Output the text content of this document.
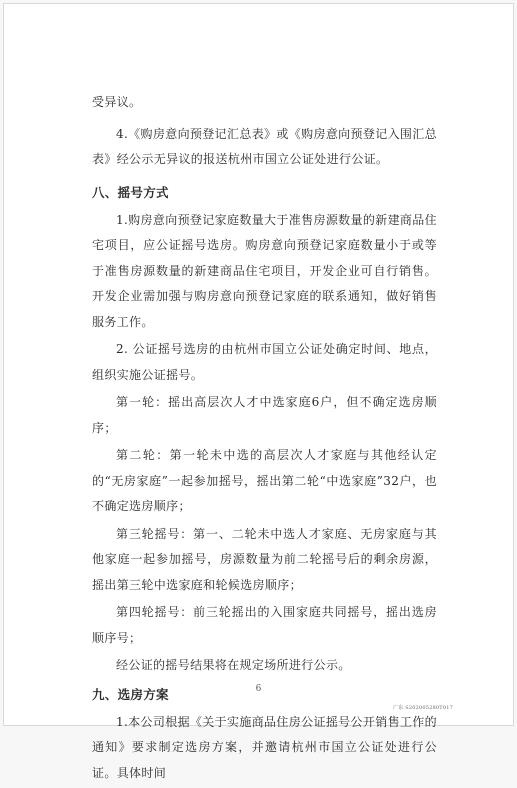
受异议。

4.《购房意向预登记汇总表》或《购房意向预登记入围汇总表》经公示无异议的报送杭州市国立公证处进行公证。

八、摇号方式

1.购房意向预登记家庭数量大于准售房源数量的新建商品住宅项目，应公证摇号选房。购房意向预登记家庭数量小于或等于准售房源数量的新建商品住宅项目，开发企业可自行销售。开发企业需加强与购房意向预登记家庭的联系通知，做好销售服务工作。

2. 公证摇号选房的由杭州市国立公证处确定时间、地点，组织实施公证摇号。

第一轮：摇出高层次人才中选家庭6户，但不确定选房顺序；

第二轮：第一轮未中选的高层次人才家庭与其他经认定的“无房家庭”一起参加摇号，摇出第二轮“中选家庭”32户，也不确定选房顺序；

第三轮摇号：第一、二轮未中选人才家庭、无房家庭与其他家庭一起参加摇号，房源数量为前二轮摇号后的剩余房源，摇出第三轮中选家庭和轮候选房顺序；

第四轮摇号：前三轮摇出的入围家庭共同摇号，摇出选房顺序号；

经公证的摇号结果将在规定场所进行公示。

九、选房方案

1.本公司根据《关于实施商品住房公证摇号公开销售工作的通知》要求制定选房方案，并邀请杭州市国立公证处进行公证。具体时间

6
广东 S202005280T017
